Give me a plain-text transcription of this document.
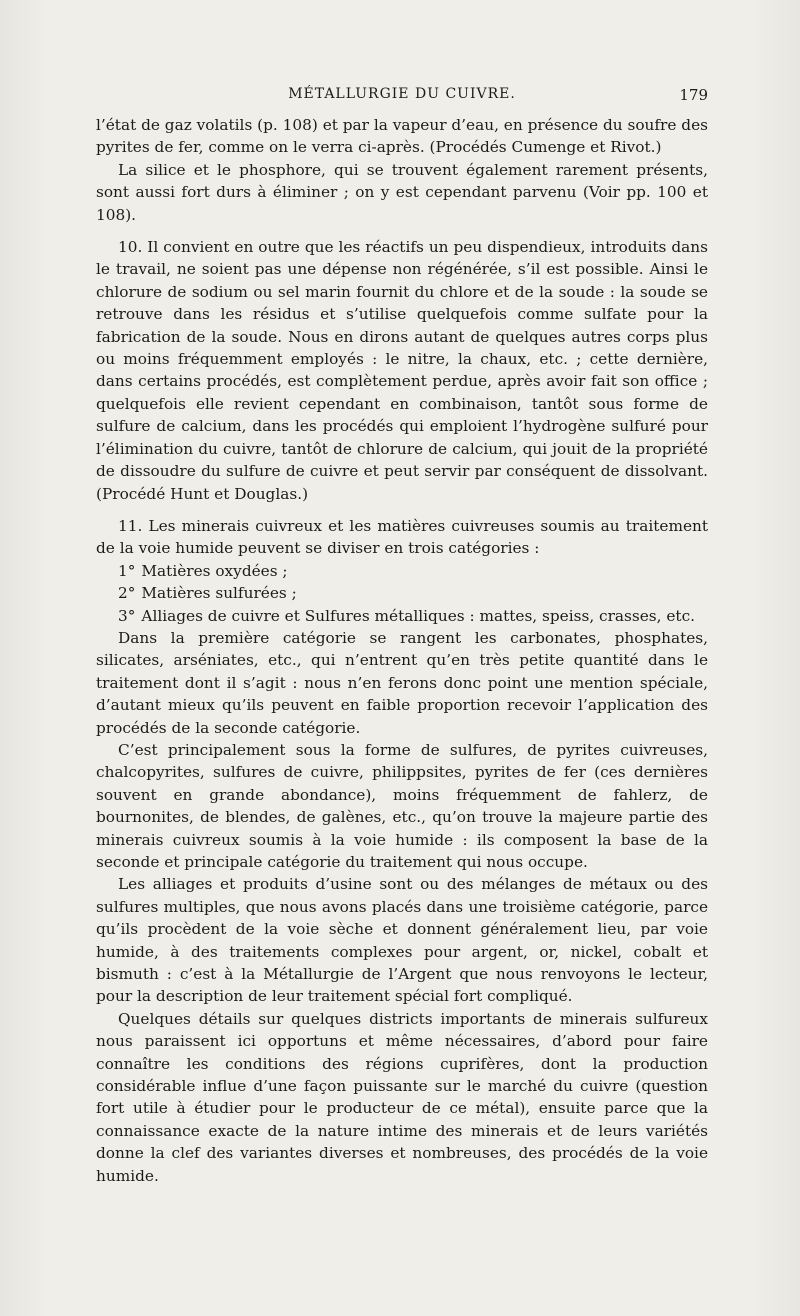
MÉTALLURGIE DU CUIVRE.	179

l’état de gaz volatils (p. 108) et par la vapeur d’eau, en présence du soufre des pyrites de fer, comme on le verra ci-après. (Procédés Cumenge et Rivot.)

La silice et le phosphore, qui se trouvent également rarement présents, sont aussi fort durs à éliminer ; on y est cependant parvenu (Voir pp. 100 et 108).

10. Il convient en outre que les réactifs un peu dispendieux, introduits dans le travail, ne soient pas une dépense non régénérée, s’il est possible. Ainsi le chlorure de sodium ou sel marin fournit du chlore et de la soude : la soude se retrouve dans les résidus et s’utilise quelquefois comme sulfate pour la fabrication de la soude. Nous en dirons autant de quelques autres corps plus ou moins fréquemment employés : le nitre, la chaux, etc. ; cette dernière, dans certains procédés, est complètement perdue, après avoir fait son office ; quelquefois elle revient cependant en combinaison, tantôt sous forme de sulfure de calcium, dans les procédés qui emploient l’hydrogène sulfuré pour l’élimination du cuivre, tantôt de chlorure de calcium, qui jouit de la propriété de dissoudre du sulfure de cuivre et peut servir par conséquent de dissolvant. (Procédé Hunt et Douglas.)

11. Les minerais cuivreux et les matières cuivreuses soumis au traitement de la voie humide peuvent se diviser en trois catégories :

1° Matières oxydées ;
2° Matières sulfurées ;
3° Alliages de cuivre et Sulfures métalliques : mattes, speiss, crasses, etc.

Dans la première catégorie se rangent les carbonates, phosphates, silicates, arséniates, etc., qui n’entrent qu’en très petite quantité dans le traitement dont il s’agit : nous n’en ferons donc point une mention spéciale, d’autant mieux qu’ils peuvent en faible proportion recevoir l’application des procédés de la seconde catégorie.

C’est principalement sous la forme de sulfures, de pyrites cuivreuses, chalcopyrites, sulfures de cuivre, philippsites, pyrites de fer (ces dernières souvent en grande abondance), moins fréquemment de fahlerz, de bournonites, de blendes, de galènes, etc., qu’on trouve la majeure partie des minerais cuivreux soumis à la voie humide : ils composent la base de la seconde et principale catégorie du traitement qui nous occupe.

Les alliages et produits d’usine sont ou des mélanges de métaux ou des sulfures multiples, que nous avons placés dans une troisième catégorie, parce qu’ils procèdent de la voie sèche et donnent généralement lieu, par voie humide, à des traitements complexes pour argent, or, nickel, cobalt et bismuth : c’est à la Métallurgie de l’Argent que nous renvoyons le lecteur, pour la description de leur traitement spécial fort compliqué.

Quelques détails sur quelques districts importants de minerais sulfureux nous paraissent ici opportuns et même nécessaires, d’abord pour faire connaître les conditions des régions cuprifères, dont la production considérable influe d’une façon puissante sur le marché du cuivre (question fort utile à étudier pour le producteur de ce métal), ensuite parce que la connaissance exacte de la nature intime des minerais et de leurs variétés donne la clef des variantes diverses et nombreuses, des procédés de la voie humide.
